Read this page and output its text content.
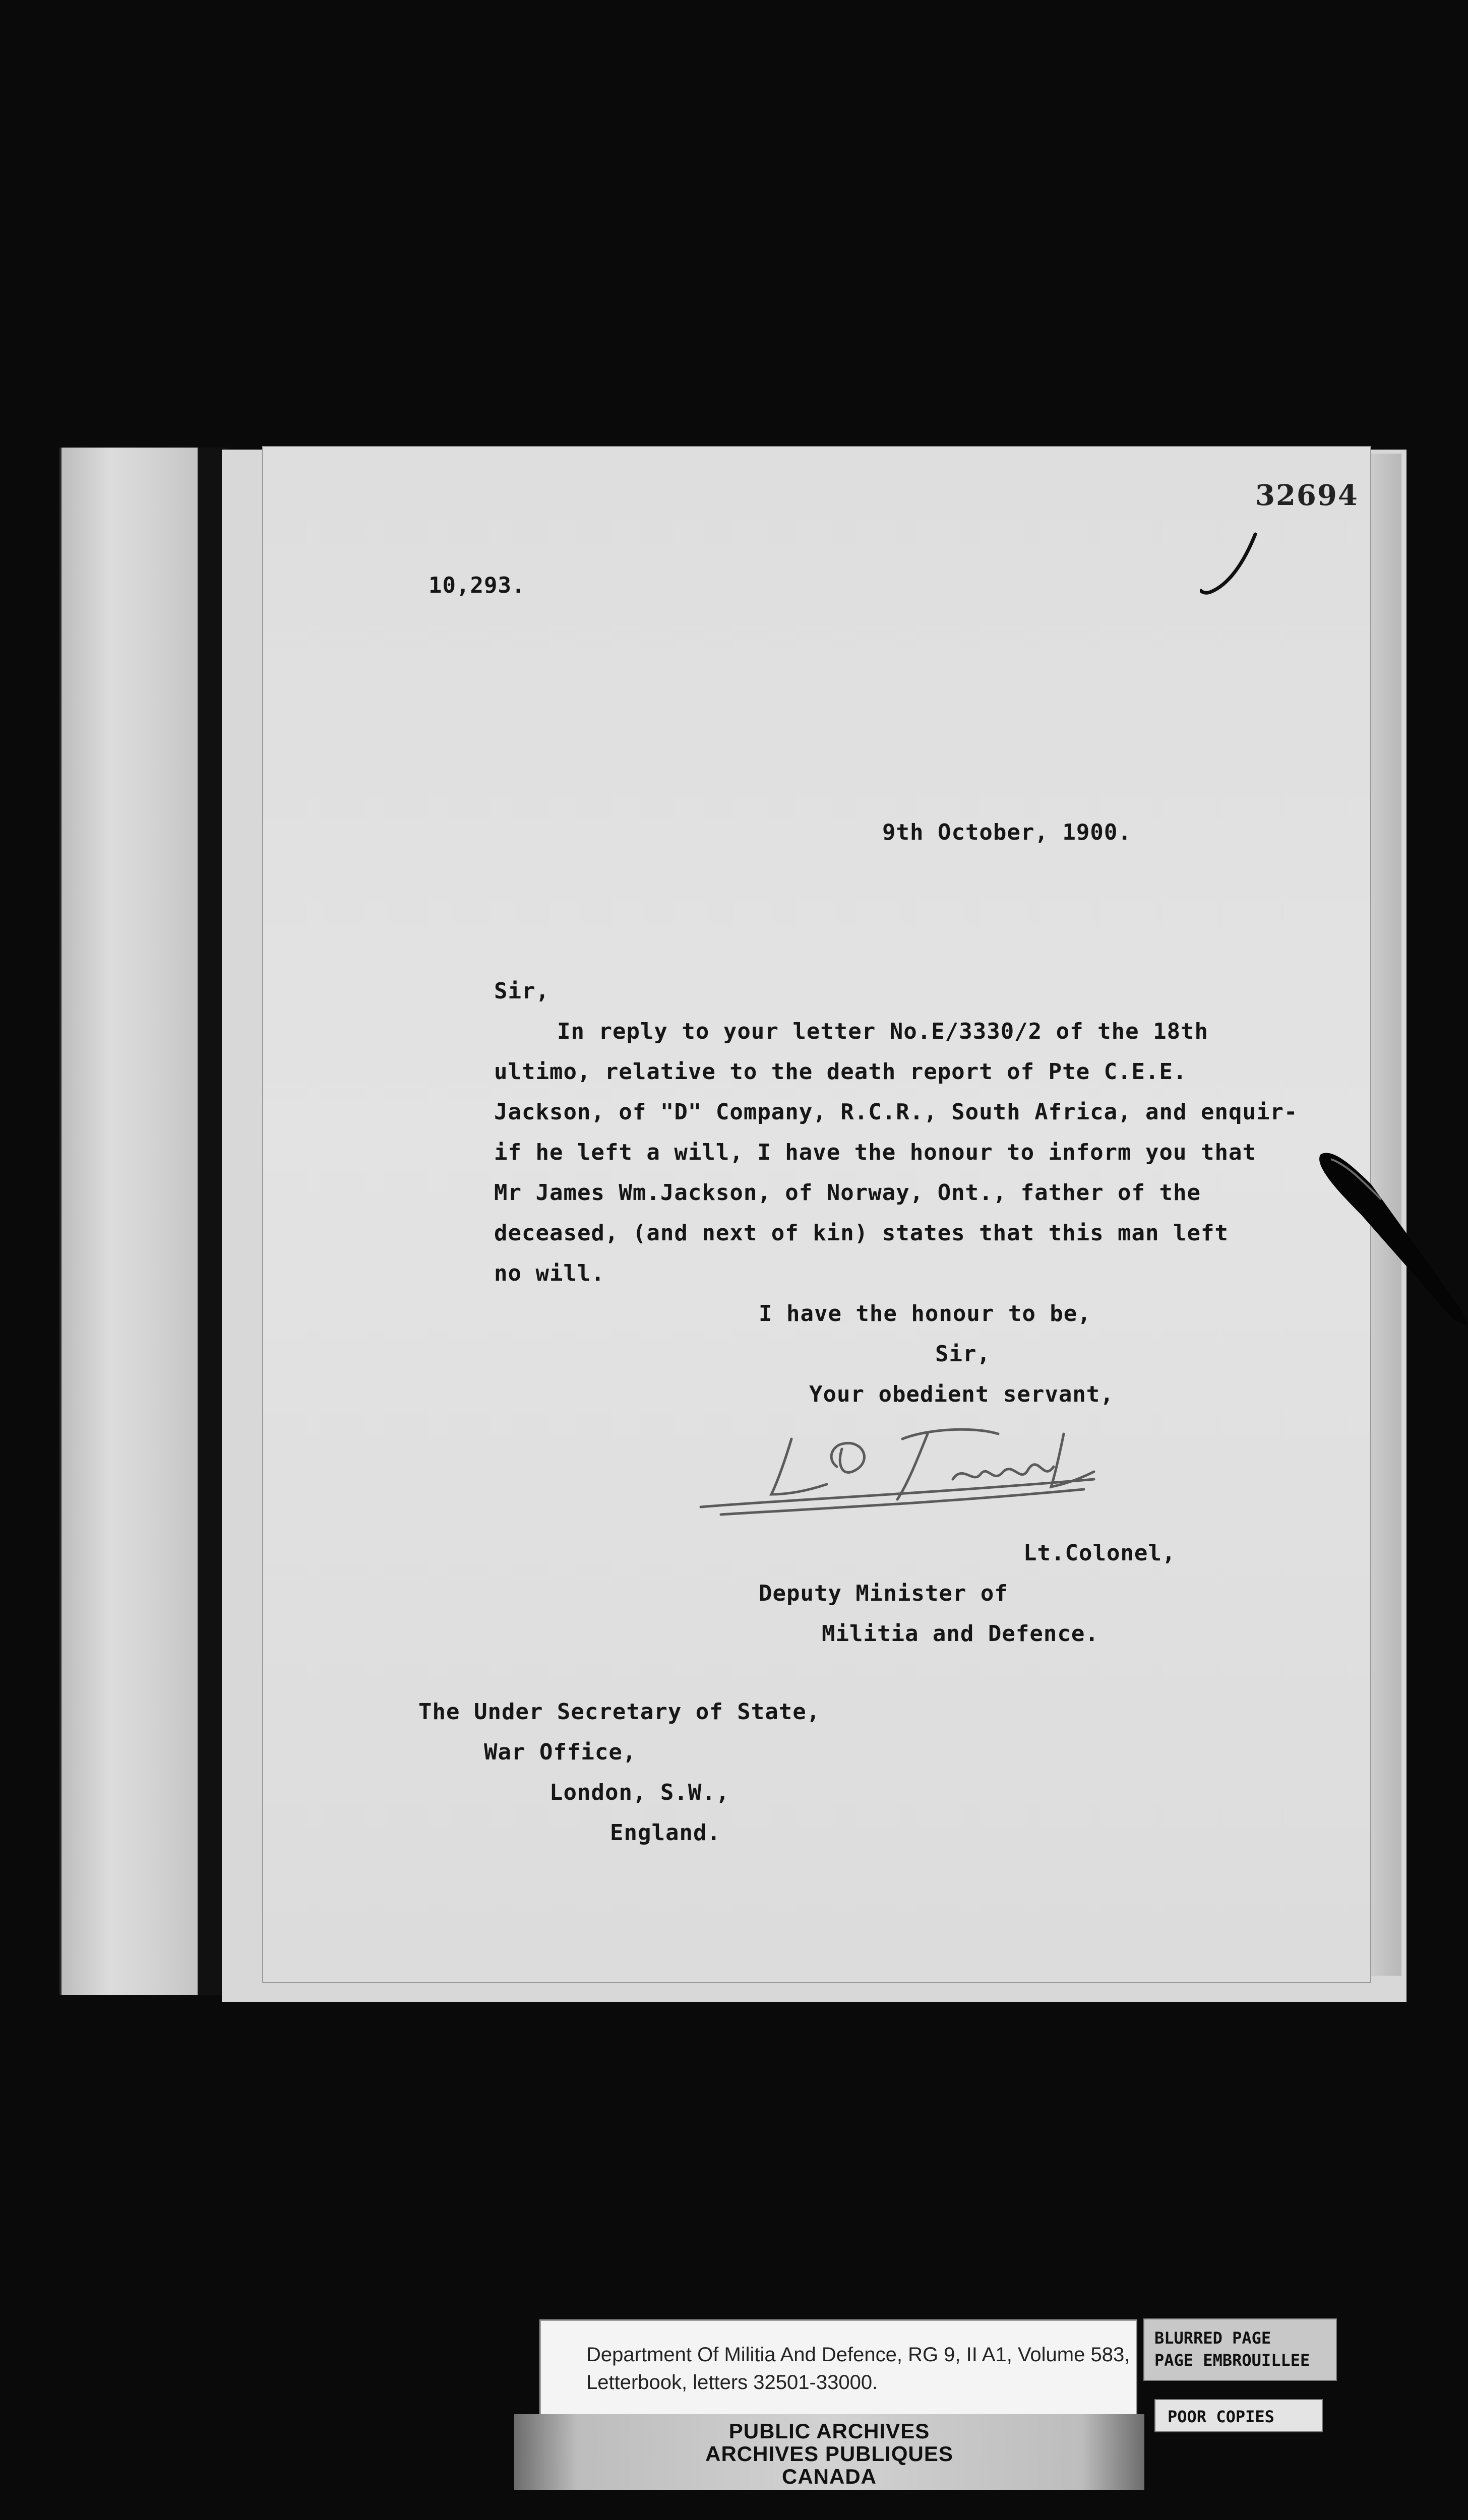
32694
10,293.
9th October, 1900.
Sir,
In reply to your letter No.E/3330/2 of the 18th
ultimo, relative to the death report of Pte C.E.E.
Jackson, of "D" Company, R.C.R., South Africa, and enquir-
if he left a will, I have the honour to inform you that
Mr James Wm.Jackson, of Norway, Ont., father of the
deceased, (and next of kin) states that this man left
no will.
I have the honour to be,
Sir,
Your obedient servant,
Lt.Colonel,
Deputy Minister of
Militia and Defence.
The Under Secretary of State,
War Office,
London, S.W.,
England.
Department Of Militia And Defence, RG 9, II A1, Volume 583,
Letterbook, letters 32501-33000.
PUBLIC ARCHIVES
ARCHIVES PUBLIQUES
CANADA
BLURRED PAGE
PAGE EMBROUILLEE
POOR COPIES
